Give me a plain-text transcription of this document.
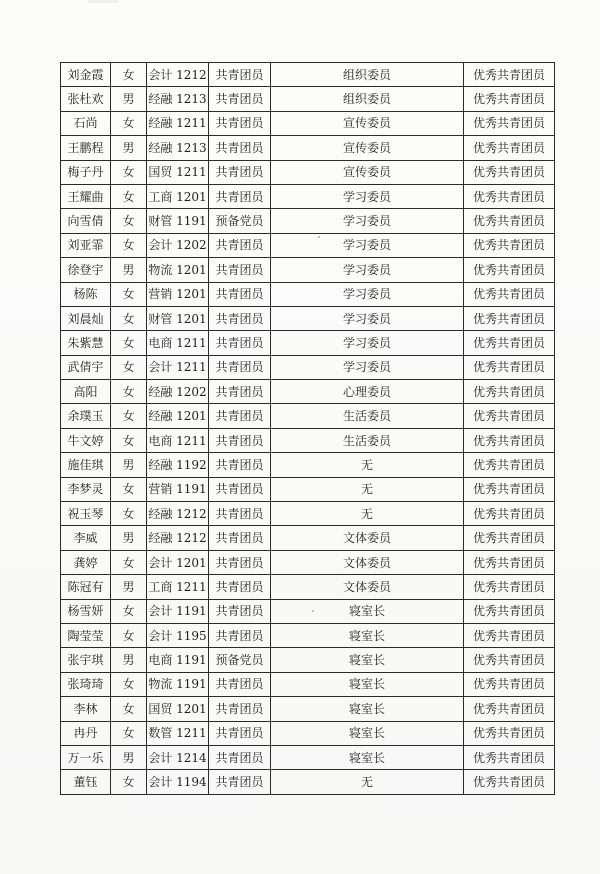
刘金霞	女	会计 1212	共青团员	组织委员	优秀共青团员
张杜欢	男	经融 1213	共青团员	组织委员	优秀共青团员
石尚	女	经融 1211	共青团员	宣传委员	优秀共青团员
王鹏程	男	经融 1213	共青团员	宣传委员	优秀共青团员
梅子丹	女	国贸 1211	共青团员	宣传委员	优秀共青团员
王耀曲	女	工商 1201	共青团员	学习委员	优秀共青团员
向雪倩	女	财管 1191	预备党员	学习委员	优秀共青团员
刘亚霏	女	会计 1202	共青团员	学习委员	优秀共青团员
徐登宇	男	物流 1201	共青团员	学习委员	优秀共青团员
杨陈	女	营销 1201	共青团员	学习委员	优秀共青团员
刘晨灿	女	财管 1201	共青团员	学习委员	优秀共青团员
朱紫慧	女	电商 1211	共青团员	学习委员	优秀共青团员
武倩宇	女	会计 1211	共青团员	学习委员	优秀共青团员
高阳	女	经融 1202	共青团员	心理委员	优秀共青团员
余璞玉	女	经融 1201	共青团员	生活委员	优秀共青团员
牛文婷	女	电商 1211	共青团员	生活委员	优秀共青团员
施佳琪	男	经融 1192	共青团员	无	优秀共青团员
李梦灵	女	营销 1191	共青团员	无	优秀共青团员
祝玉琴	女	经融 1212	共青团员	无	优秀共青团员
李威	男	经融 1212	共青团员	文体委员	优秀共青团员
龚婷	女	会计 1201	共青团员	文体委员	优秀共青团员
陈冠有	男	工商 1211	共青团员	文体委员	优秀共青团员
杨雪妍	女	会计 1191	共青团员	寝室长	优秀共青团员
陶莹莹	女	会计 1195	共青团员	寝室长	优秀共青团员
张宇琪	男	电商 1191	预备党员	寝室长	优秀共青团员
张琦琦	女	物流 1191	共青团员	寝室长	优秀共青团员
李林	女	国贸 1201	共青团员	寝室长	优秀共青团员
冉丹	女	数管 1211	共青团员	寝室长	优秀共青团员
万一乐	男	会计 1214	共青团员	寝室长	优秀共青团员
董钰	女	会计 1194	共青团员	无	优秀共青团员
